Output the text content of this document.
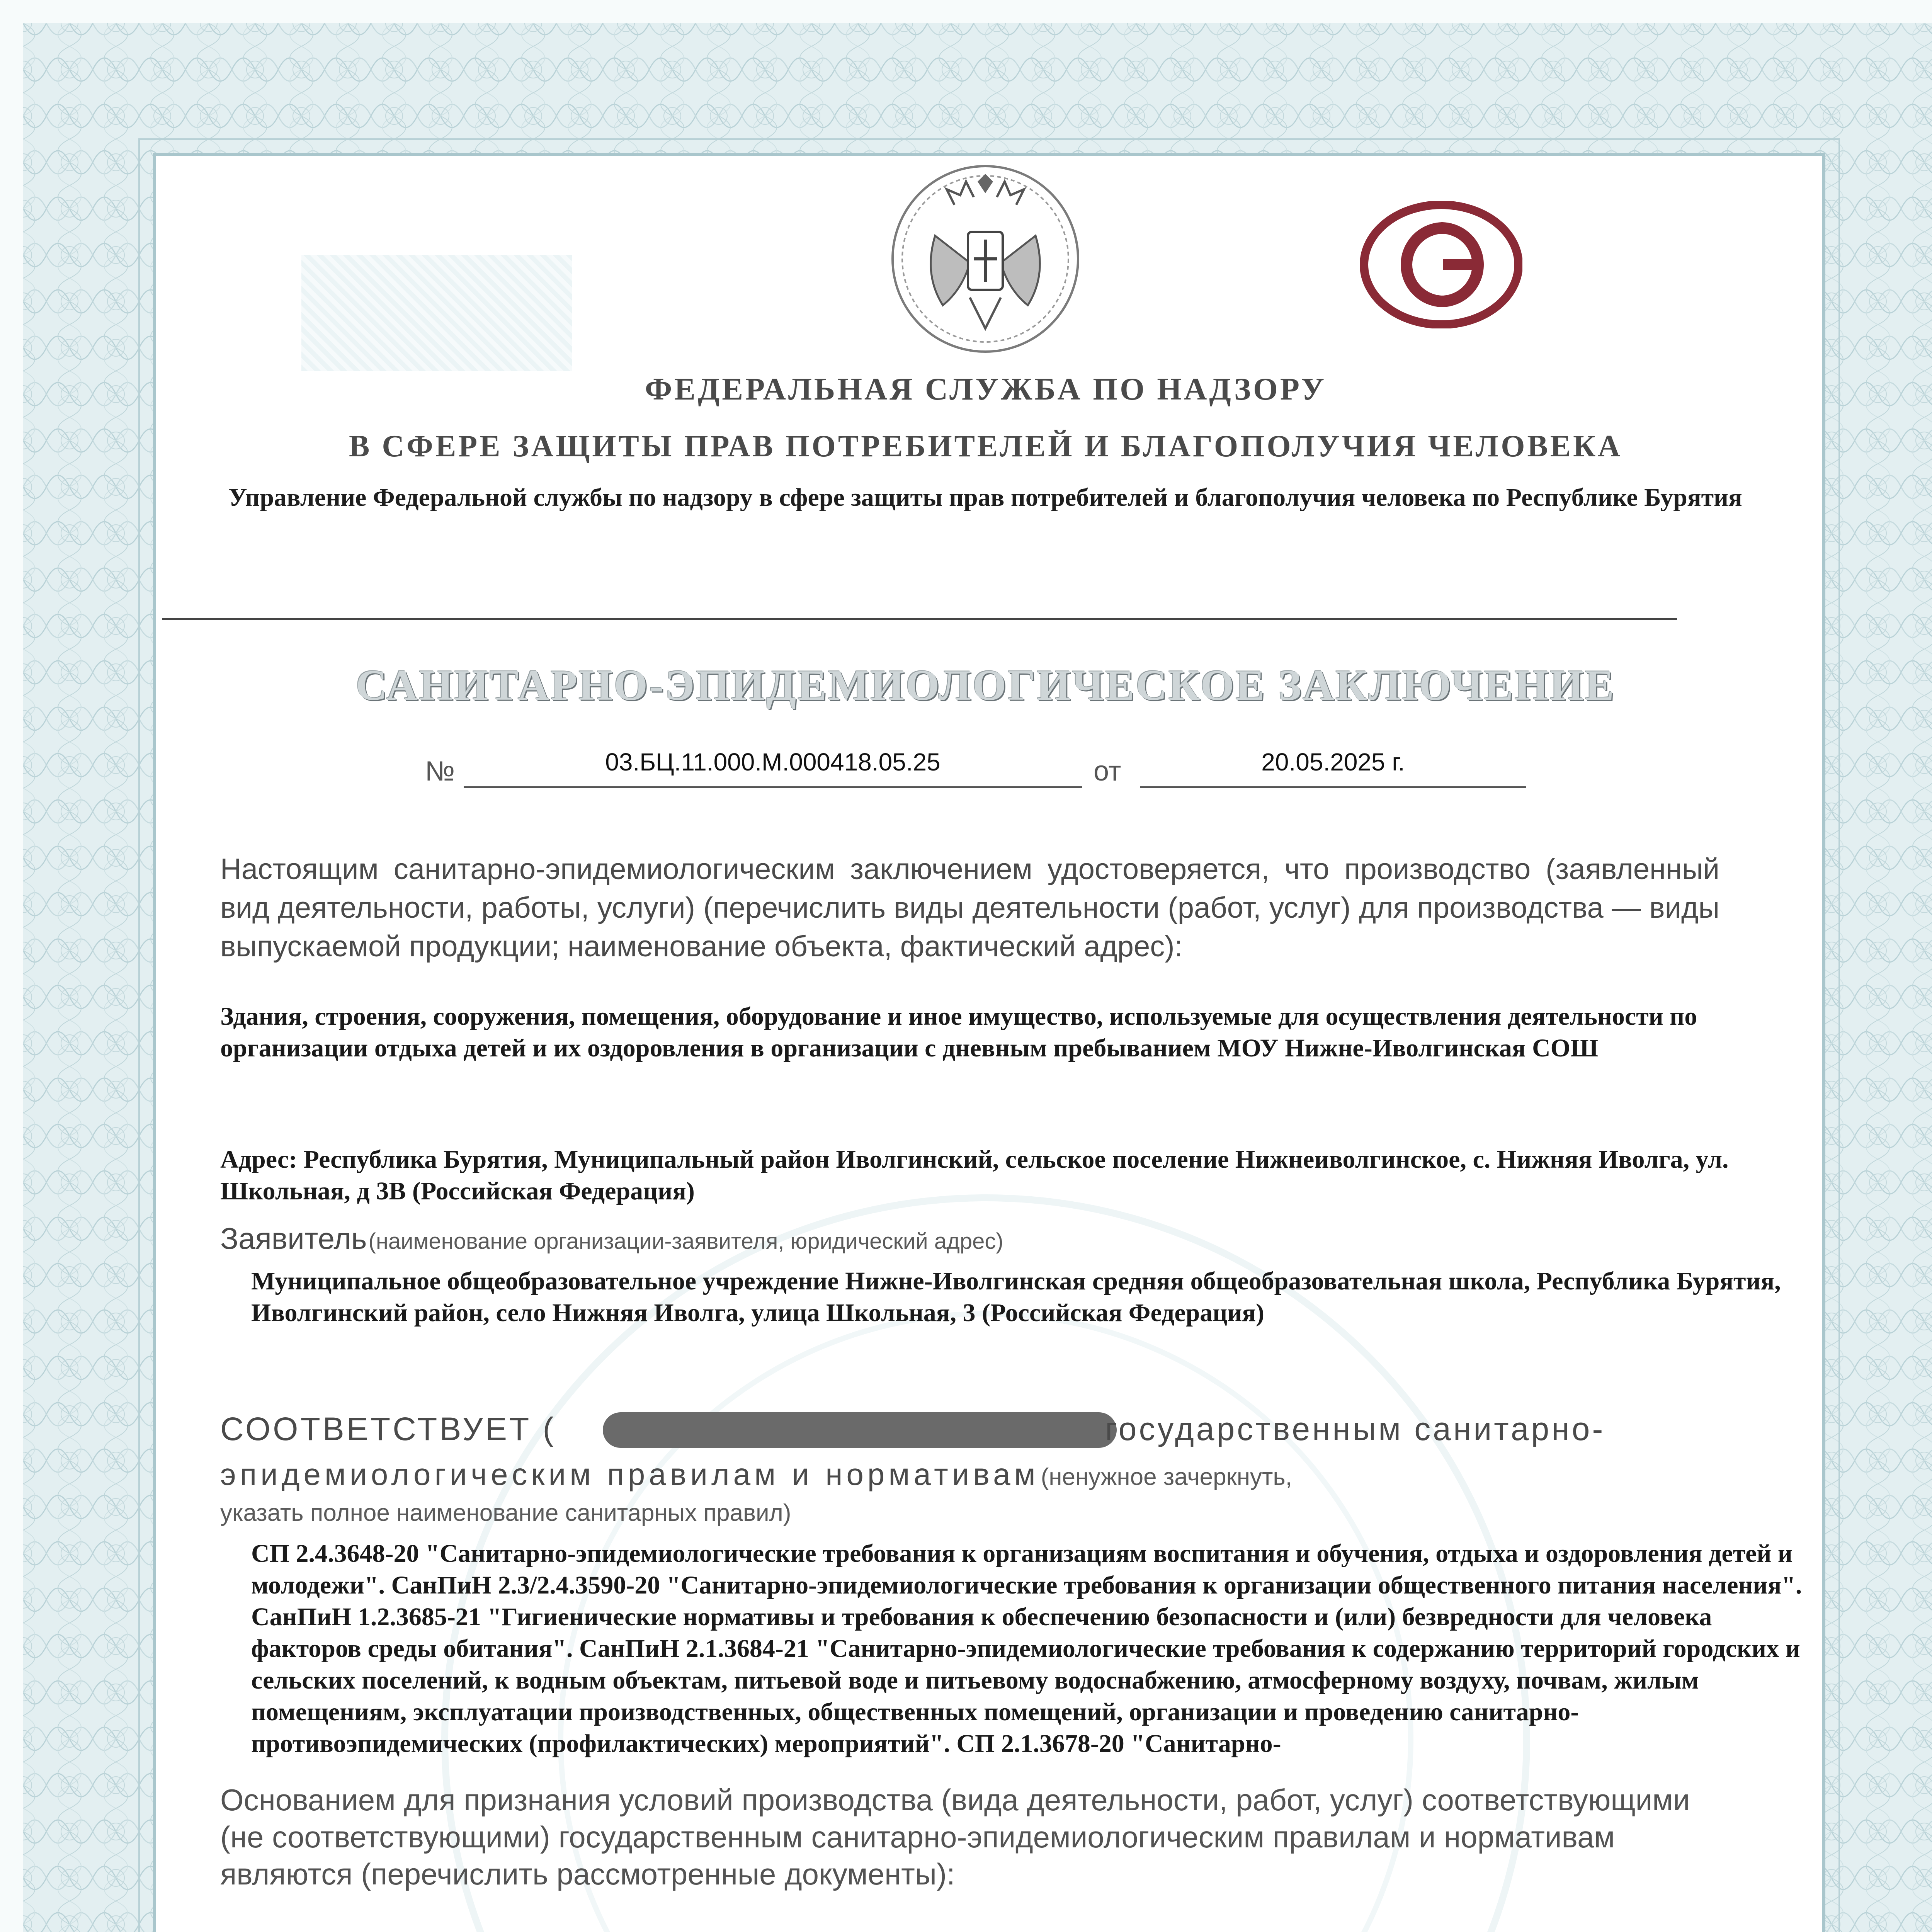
ФЕДЕРАЛЬНАЯ СЛУЖБА ПО НАДЗОРУ
В СФЕРЕ ЗАЩИТЫ ПРАВ ПОТРЕБИТЕЛЕЙ И БЛАГОПОЛУЧИЯ ЧЕЛОВЕКА
Управление Федеральной службы по надзору в сфере защиты прав потребителей и благополучия человека по Республике Бурятия
САНИТАРНО-ЭПИДЕМИОЛОГИЧЕСКОЕ ЗАКЛЮЧЕНИЕ
№	03.БЦ.11.000.М.000418.05.25	от	20.05.2025 г.
Настоящим санитарно-эпидемиологическим заключением удостоверяется, что производство (заявленный вид деятельности, работы, услуги) (перечислить виды деятельности (работ, услуг) для производства — виды выпускаемой продукции; наименование объекта, фактический адрес):
Здания, строения, сооружения, помещения, оборудование и иное имущество, используемые для осуществления деятельности по организации отдыха детей и их оздоровления в организации с дневным пребыванием МОУ Нижне-Иволгинская СОШ
Адрес: Республика Бурятия, Муниципальный район Иволгинский, сельское поселение Нижнеиволгинское, с. Нижняя Иволга, ул. Школьная, д 3В (Российская Федерация)
Заявитель (наименование организации-заявителя, юридический адрес)
Муниципальное общеобразовательное учреждение Нижне-Иволгинская средняя общеобразовательная школа, Республика Бурятия, Иволгинский район, село Нижняя Иволга, улица Школьная, 3 (Российская Федерация)
СООТВЕТСТВУЕТ (	государственным санитарно-
эпидемиологическим правилам и нормативам (ненужное зачеркнуть,
указать полное наименование санитарных правил)
СП 2.4.3648-20 "Санитарно-эпидемиологические требования к организациям воспитания и обучения, отдыха и оздоровления детей и молодежи". СанПиН 2.3/2.4.3590-20 "Санитарно-эпидемиологические требования к организации общественного питания населения". СанПиН 1.2.3685-21 "Гигиенические нормативы и требования к обеспечению безопасности и (или) безвредности для человека факторов среды обитания". СанПиН 2.1.3684-21 "Санитарно-эпидемиологические требования к содержанию территорий городских и сельских поселений, к водным объектам, питьевой воде и питьевому водоснабжению, атмосферному воздуху, почвам, жилым помещениям, эксплуатации производственных, общественных помещений, организации и проведению санитарно-противоэпидемических (профилактических) мероприятий". СП 2.1.3678-20 "Санитарно-
Основанием для признания условий производства (вида деятельности, работ, услуг) соответствующими (не соответствующими) государственным санитарно-эпидемиологическим правилам и нормативам являются (перечислить рассмотренные документы):
